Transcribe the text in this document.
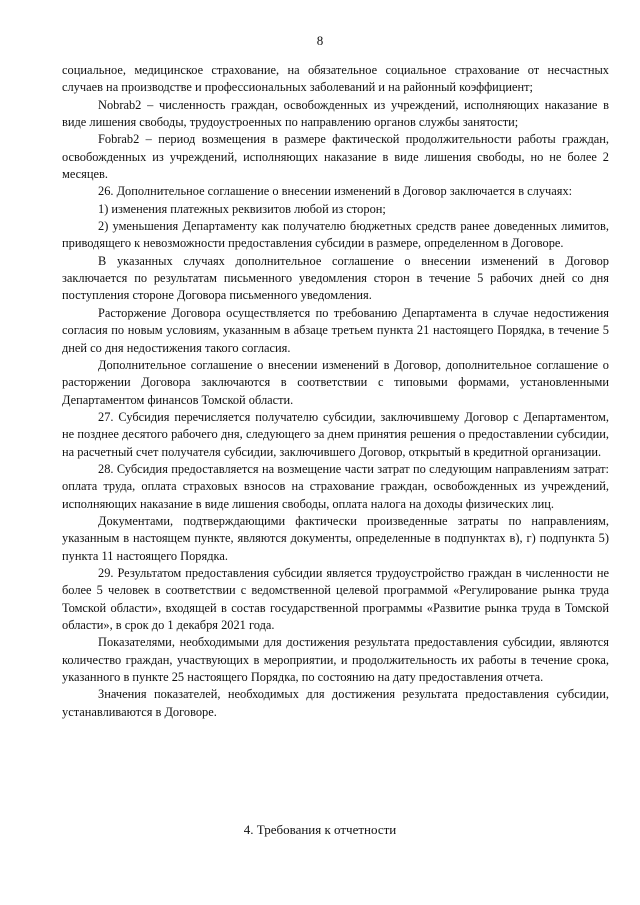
8

социальное, медицинское страхование, на обязательное социальное страхование от несчастных случаев на производстве и профессиональных заболеваний и на районный коэффициент;

Nobrab2 – численность граждан, освобожденных из учреждений, исполняющих наказание в виде лишения свободы, трудоустроенных по направлению органов службы занятости;

Fobrab2 – период возмещения в размере фактической продолжительности работы граждан, освобожденных из учреждений, исполняющих наказание в виде лишения свободы, но не более 2 месяцев.

26. Дополнительное соглашение о внесении изменений в Договор заключается в случаях:

1) изменения платежных реквизитов любой из сторон;

2) уменьшения Департаменту как получателю бюджетных средств ранее доведенных лимитов, приводящего к невозможности предоставления субсидии в размере, определенном в Договоре.

В указанных случаях дополнительное соглашение о внесении изменений в Договор заключается по результатам письменного уведомления сторон в течение 5 рабочих дней со дня поступления стороне Договора письменного уведомления.

Расторжение Договора осуществляется по требованию Департамента в случае недостижения согласия по новым условиям, указанным в абзаце третьем пункта 21 настоящего Порядка, в течение 5 дней со дня недостижения такого согласия.

Дополнительное соглашение о внесении изменений в Договор, дополнительное соглашение о расторжении Договора заключаются в соответствии с типовыми формами, установленными Департаментом финансов Томской области.

27. Субсидия перечисляется получателю субсидии, заключившему Договор с Департаментом, не позднее десятого рабочего дня, следующего за днем принятия решения о предоставлении субсидии, на расчетный счет получателя субсидии, заключившего Договор, открытый в кредитной организации.

28. Субсидия предоставляется на возмещение части затрат по следующим направлениям затрат: оплата труда, оплата страховых взносов на страхование граждан, освобожденных из учреждений, исполняющих наказание в виде лишения свободы, оплата налога на доходы физических лиц.

Документами, подтверждающими фактически произведенные затраты по направлениям, указанным в настоящем пункте, являются документы, определенные в подпунктах в), г) подпункта 5) пункта 11 настоящего Порядка.

29. Результатом предоставления субсидии является трудоустройство граждан в численности не более 5 человек в соответствии с ведомственной целевой программой «Регулирование рынка труда Томской области», входящей в состав государственной программы «Развитие рынка труда в Томской области», в срок до 1 декабря 2021 года.

Показателями, необходимыми для достижения результата предоставления субсидии, являются количество граждан, участвующих в мероприятии, и продолжительность их работы в течение срока, указанного в пункте 25 настоящего Порядка, по состоянию на дату предоставления отчета.

Значения показателей, необходимых для достижения результата предоставления субсидии, устанавливаются в Договоре.

4. Требования к отчетности
